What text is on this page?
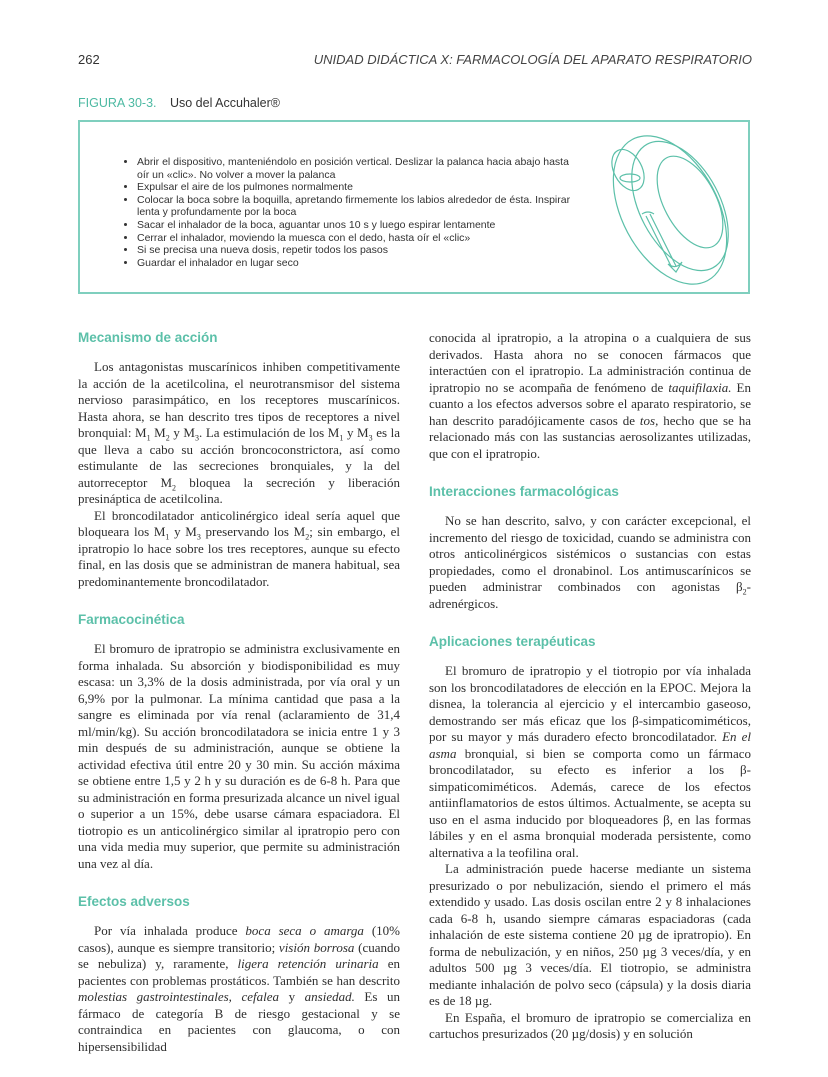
262	UNIDAD DIDÁCTICA X: FARMACOLOGÍA DEL APARATO RESPIRATORIO
FIGURA 30-3. Uso del Accuhaler®
• Abrir el dispositivo, manteniéndolo en posición vertical. Deslizar la palanca hacia abajo hasta oír un «clic». No volver a mover la palanca
• Expulsar el aire de los pulmones normalmente
• Colocar la boca sobre la boquilla, apretando firmemente los labios alrededor de ésta. Inspirar lenta y profundamente por la boca
• Sacar el inhalador de la boca, aguantar unos 10 s y luego espirar lentamente
• Cerrar el inhalador, moviendo la muesca con el dedo, hasta oír el «clic»
• Si se precisa una nueva dosis, repetir todos los pasos
• Guardar el inhalador en lugar seco
Mecanismo de acción

Los antagonistas muscarínicos inhiben competitivamente la acción de la acetilcolina, el neurotransmisor del sistema nervioso parasimpático, en los receptores muscarínicos. Hasta ahora, se han descrito tres tipos de receptores a nivel bronquial: $M_1$ $M_2$ y $M_3$. La estimulación de los $M_1$ y $M_3$ es la que lleva a cabo su acción broncoconstrictora, así como estimulante de las secreciones bronquiales, y la del autorreceptor $M_2$ bloquea la secreción y liberación presináptica de acetilcolina.

El broncodilatador anticolinérgico ideal sería aquel que bloqueara los $M_1$ y $M_3$ preservando los $M_2$; sin embargo, el ipratropio lo hace sobre los tres receptores, aunque su efecto final, en las dosis que se administran de manera habitual, sea predominantemente broncodilatador.

Farmacocinética

El bromuro de ipratropio se administra exclusivamente en forma inhalada. Su absorción y biodisponibilidad es muy escasa: un 3,3% de la dosis administrada, por vía oral y un 6,9% por la pulmonar. La mínima cantidad que pasa a la sangre es eliminada por vía renal (aclaramiento de 31,4 ml/min/kg). Su acción broncodilatadora se inicia entre 1 y 3 min después de su administración, aunque se obtiene la actividad efectiva útil entre 20 y 30 min. Su acción máxima se obtiene entre 1,5 y 2 h y su duración es de 6-8 h. Para que su administración en forma presurizada alcance un nivel igual o superior a un 15%, debe usarse cámara espaciadora. El tiotropio es un anticolinérgico similar al ipratropio pero con una vida media muy superior, que permite su administración una vez al día.

Efectos adversos

Por vía inhalada produce boca seca o amarga (10% casos), aunque es siempre transitorio; visión borrosa (cuando se nebuliza) y, raramente, ligera retención urinaria en pacientes con problemas prostáticos. También se han descrito molestias gastrointestinales, cefalea y ansiedad. Es un fármaco de categoría B de riesgo gestacional y se contraindica en pacientes con glaucoma, o con hipersensibilidad

conocida al ipratropio, a la atropina o a cualquiera de sus derivados. Hasta ahora no se conocen fármacos que interactúen con el ipratropio. La administración continua de ipratropio no se acompaña de fenómeno de taquifilaxia. En cuanto a los efectos adversos sobre el aparato respiratorio, se han descrito paradójicamente casos de tos, hecho que se ha relacionado más con las sustancias aerosolizantes utilizadas, que con el ipratropio.

Interacciones farmacológicas

No se han descrito, salvo, y con carácter excepcional, el incremento del riesgo de toxicidad, cuando se administra con otros anticolinérgicos sistémicos o sustancias con estas propiedades, como el dronabinol. Los antimuscarínicos se pueden administrar combinados con agonistas $\beta_2$-adrenérgicos.

Aplicaciones terapéuticas

El bromuro de ipratropio y el tiotropio por vía inhalada son los broncodilatadores de elección en la EPOC. Mejora la disnea, la tolerancia al ejercicio y el intercambio gaseoso, demostrando ser más eficaz que los β-simpaticomiméticos, por su mayor y más duradero efecto broncodilatador. En el asma bronquial, si bien se comporta como un fármaco broncodilatador, su efecto es inferior a los β-simpaticomiméticos. Además, carece de los efectos antiinflamatorios de estos últimos. Actualmente, se acepta su uso en el asma inducido por bloqueadores β, en las formas lábiles y en el asma bronquial moderada persistente, como alternativa a la teofilina oral.

La administración puede hacerse mediante un sistema presurizado o por nebulización, siendo el primero el más extendido y usado. Las dosis oscilan entre 2 y 8 inhalaciones cada 6-8 h, usando siempre cámaras espaciadoras (cada inhalación de este sistema contiene 20 µg de ipratropio). En forma de nebulización, y en niños, 250 µg 3 veces/día, y en adultos 500 µg 3 veces/día. El tiotropio, se administra mediante inhalación de polvo seco (cápsula) y la dosis diaria es de 18 µg.

En España, el bromuro de ipratropio se comercializa en cartuchos presurizados (20 µg/dosis) y en solución
